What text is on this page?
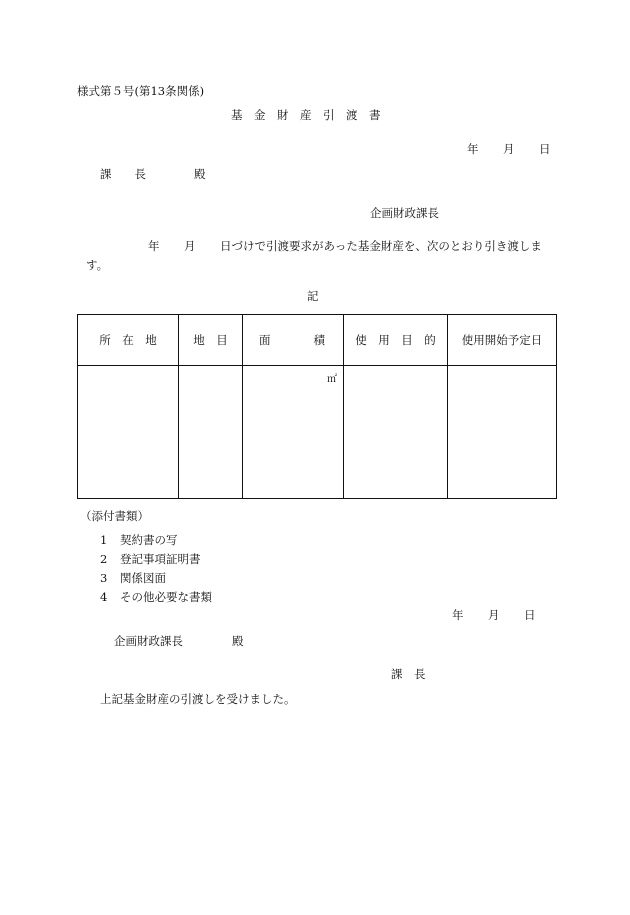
様式第５号(第13条関係)
基　金　財　産　引　渡　書
年 月 日
課　　長	殿
企画財政課長
年 月 日づけで引渡要求があった基金財産を、次のとおり引き渡しま
す。
記
所　在　地	地　目	面 積	使　用　目　的	使用開始予定日

		㎡		

（添付書類）
1 契約書の写
2 登記事項証明書
3 関係図面
4 その他必要な書類
年 月 日
企画財政課長	殿
課　長
上記基金財産の引渡しを受けました。
